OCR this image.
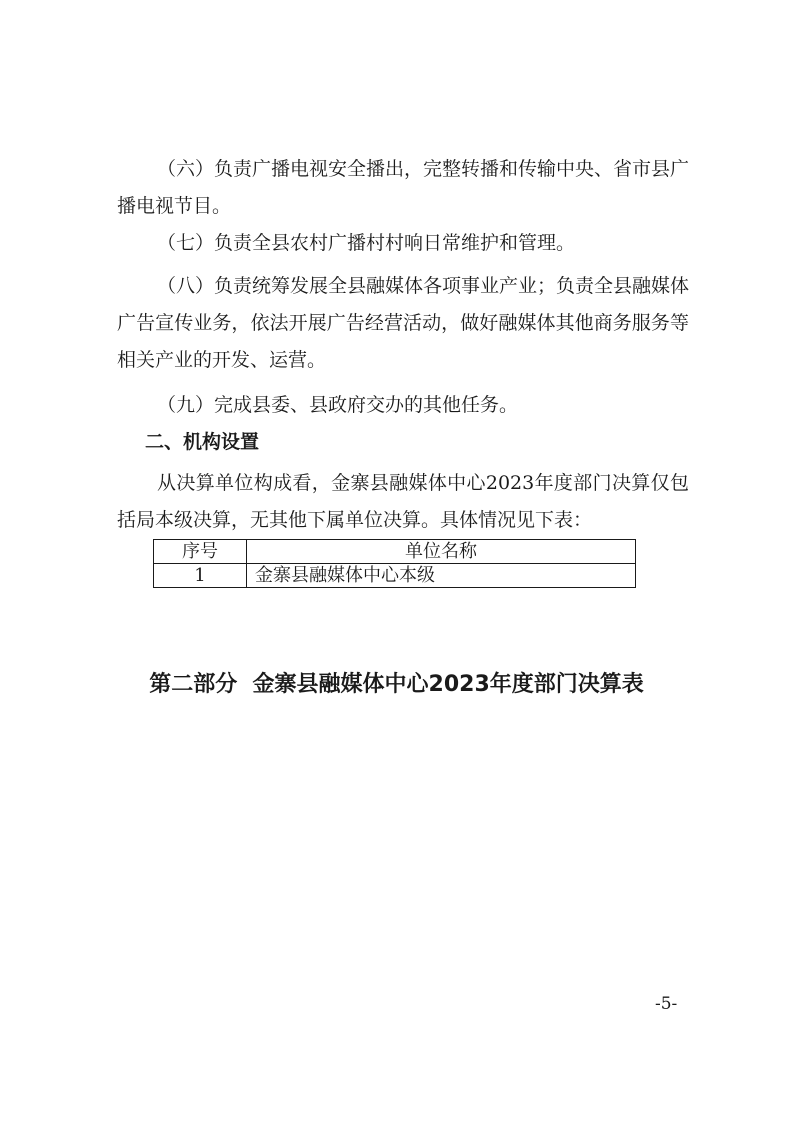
（六）负责广播电视安全播出，完整转播和传输中央、省市县广播电视节目。

（七）负责全县农村广播村村响日常维护和管理。

（八）负责统筹发展全县融媒体各项事业产业；负责全县融媒体广告宣传业务，依法开展广告经营活动，做好融媒体其他商务服务等相关产业的开发、运营。

（九）完成县委、县政府交办的其他任务。

二、机构设置

从决算单位构成看，金寨县融媒体中心2023年度部门决算仅包括局本级决算，无其他下属单位决算。具体情况见下表：

序号	单位名称
1	金寨县融媒体中心本级
第二部分  金寨县融媒体中心2023年度部门决算表
-5-
